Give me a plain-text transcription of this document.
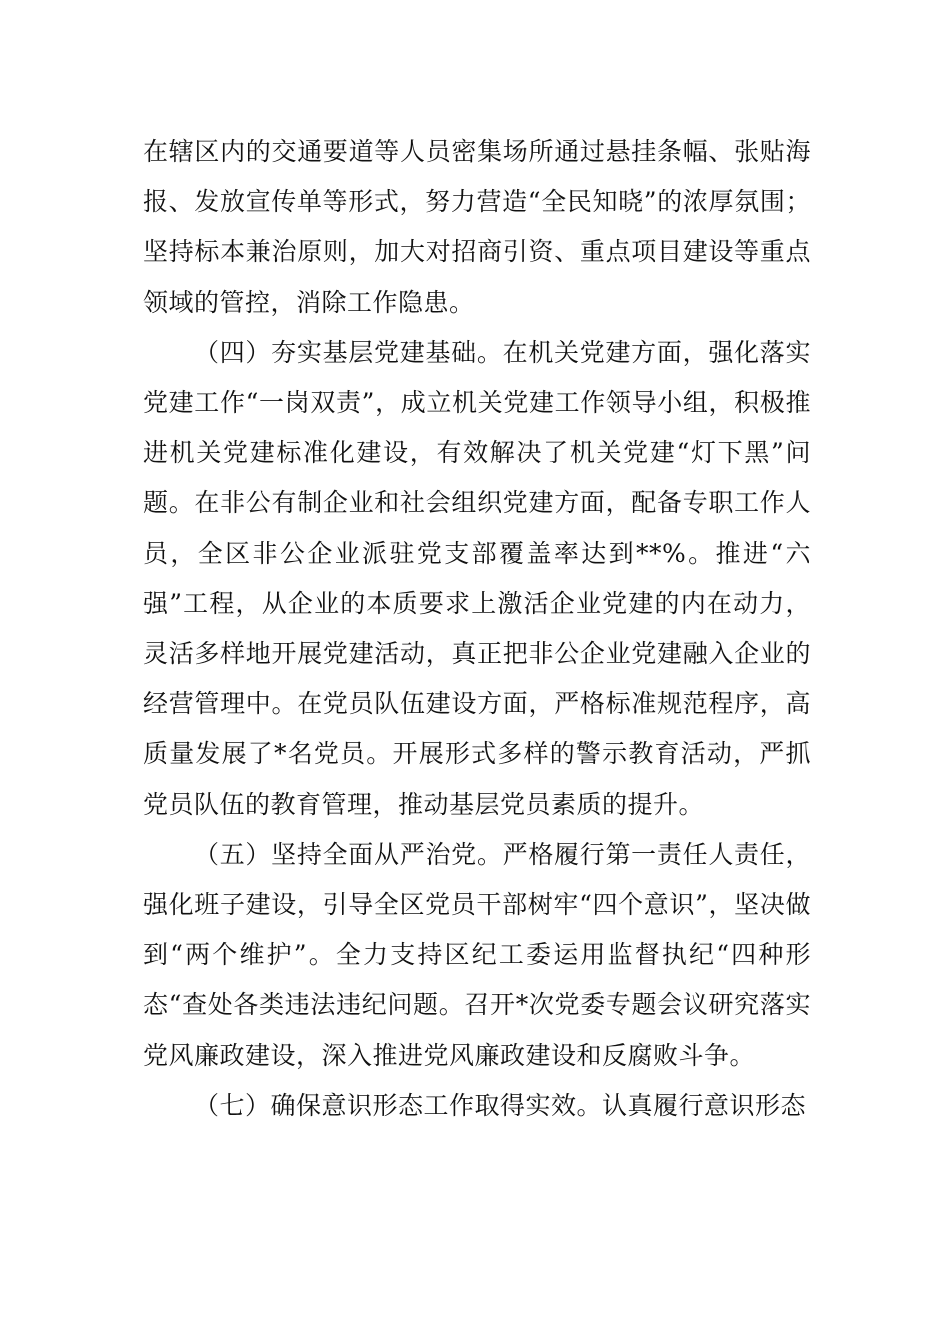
在辖区内的交通要道等人员密集场所通过悬挂条幅、张贴海报、发放宣传单等形式，努力营造“全民知晓”的浓厚氛围；坚持标本兼治原则，加大对招商引资、重点项目建设等重点领域的管控，消除工作隐患。

（四）夯实基层党建基础。在机关党建方面，强化落实党建工作“一岗双责”，成立机关党建工作领导小组，积极推进机关党建标准化建设，有效解决了机关党建“灯下黑”问题。在非公有制企业和社会组织党建方面，配备专职工作人员，全区非公企业派驻党支部覆盖率达到**%。推进“六强”工程，从企业的本质要求上激活企业党建的内在动力，灵活多样地开展党建活动，真正把非公企业党建融入企业的经营管理中。在党员队伍建设方面，严格标准规范程序，高质量发展了*名党员。开展形式多样的警示教育活动，严抓党员队伍的教育管理，推动基层党员素质的提升。

（五）坚持全面从严治党。严格履行第一责任人责任，强化班子建设，引导全区党员干部树牢“四个意识”，坚决做到“两个维护”。全力支持区纪工委运用监督执纪“四种形态“查处各类违法违纪问题。召开*次党委专题会议研究落实党风廉政建设，深入推进党风廉政建设和反腐败斗争。

（七）确保意识形态工作取得实效。认真履行意识形态
